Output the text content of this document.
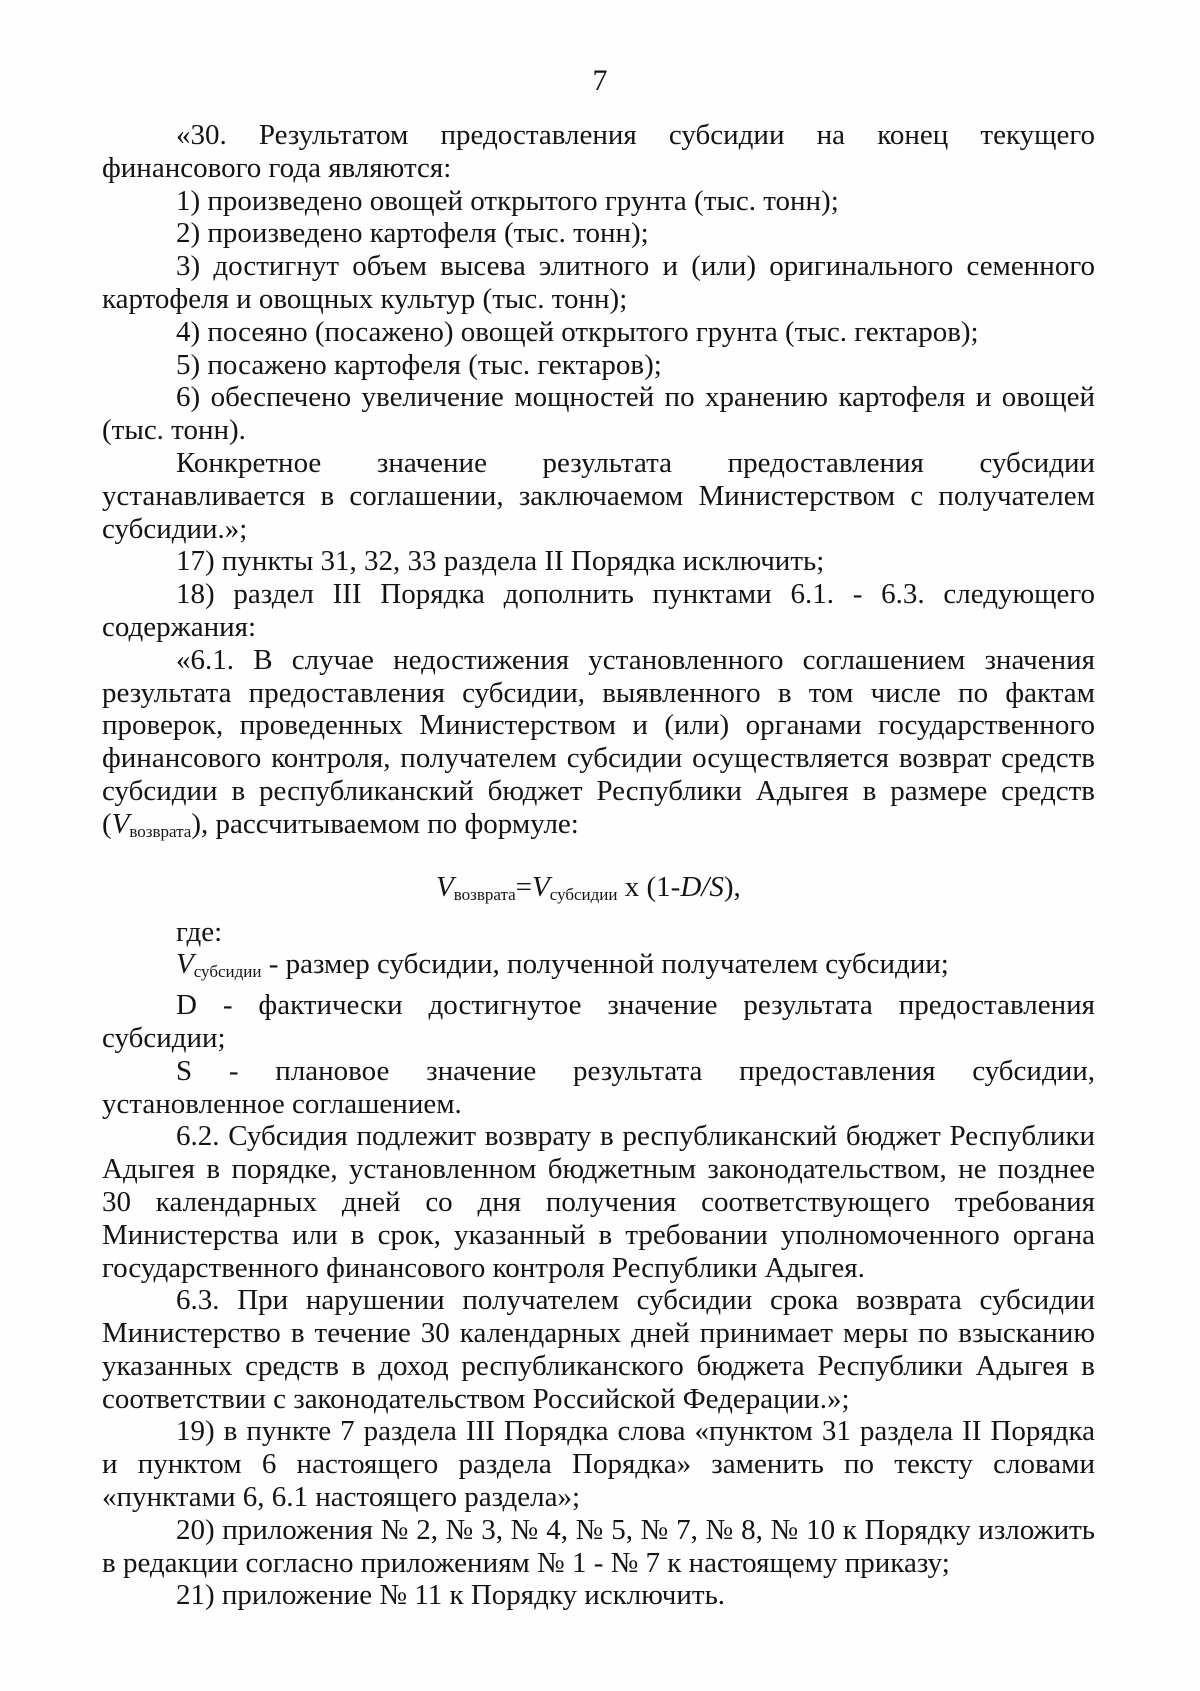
7

«30. Результатом предоставления субсидии на конец текущего финансового года являются:

1) произведено овощей открытого грунта (тыс. тонн);

2) произведено картофеля (тыс. тонн);

3) достигнут объем высева элитного и (или) оригинального семенного картофеля и овощных культур (тыс. тонн);

4) посеяно (посажено) овощей открытого грунта (тыс. гектаров);

5) посажено картофеля (тыс. гектаров);

6) обеспечено увеличение мощностей по хранению картофеля и овощей (тыс. тонн).

Конкретное значение результата предоставления субсидии устанавливается в соглашении, заключаемом Министерством с получателем субсидии.»;

17) пункты 31, 32, 33 раздела II Порядка исключить;

18) раздел III Порядка дополнить пунктами 6.1. - 6.3. следующего содержания:

«6.1. В случае недостижения установленного соглашением значения результата предоставления субсидии, выявленного в том числе по фактам проверок, проведенных Министерством и (или) органами государственного финансового контроля, получателем субсидии осуществляется возврат средств субсидии в республиканский бюджет Республики Адыгея в размере средств $(V_{возврата})$, рассчитываемом по формуле:

$V_{возврата}=V_{субсидии}$ х (1-D/S),

где:

$V_{субсидии}$ - размер субсидии, полученной получателем субсидии;

D - фактически достигнутое значение результата предоставления субсидии;

S - плановое значение результата предоставления субсидии, установленное соглашением.

6.2. Субсидия подлежит возврату в республиканский бюджет Республики Адыгея в порядке, установленном бюджетным законодательством, не позднее 30 календарных дней со дня получения соответствующего требования Министерства или в срок, указанный в требовании уполномоченного органа государственного финансового контроля Республики Адыгея.

6.3. При нарушении получателем субсидии срока возврата субсидии Министерство в течение 30 календарных дней принимает меры по взысканию указанных средств в доход республиканского бюджета Республики Адыгея в соответствии с законодательством Российской Федерации.»;

19) в пункте 7 раздела III Порядка слова «пунктом 31 раздела II Порядка и пунктом 6 настоящего раздела Порядка» заменить по тексту словами «пунктами 6, 6.1 настоящего раздела»;

20) приложения № 2, № 3, № 4, № 5, № 7, № 8, № 10 к Порядку изложить в редакции согласно приложениям № 1 - № 7 к настоящему приказу;

21) приложение № 11 к Порядку исключить.
